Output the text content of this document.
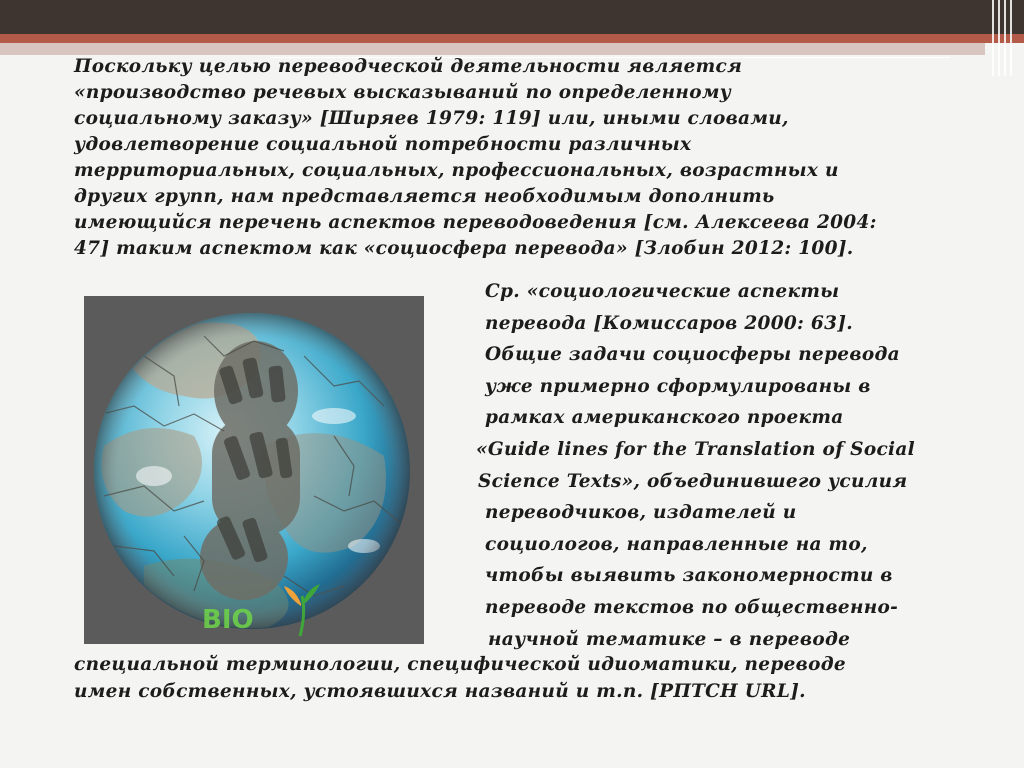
Поскольку целью переводческой деятельности является
«производство речевых высказываний по определенному
социальному заказу» [Ширяев 1979: 119] или, иными словами,
удовлетворение социальной потребности различных
территориальных, социальных, профессиональных, возрастных и
других групп, нам представляется необходимым дополнить
имеющийся перечень аспектов переводоведения [см. Алексеева 2004:
47] таким аспектом как «социосфера перевода» [Злобин 2012: 100].
BIO
Ср. «социологические аспекты
перевода [Комиссаров 2000: 63].
Общие задачи социосферы перевода
уже примерно сформулированы в
рамках американского проекта
«Guide lines for the Translation of Social
Science Texts», объединившего усилия
переводчиков, издателей и
социологов, направленные на то,
чтобы выявить закономерности в
переводе текстов по общественно-
научной тематике – в переводе
специальной терминологии, специфической идиоматики, переводе
имен собственных, устоявшихся названий и т.п. [РПТСН URL].
